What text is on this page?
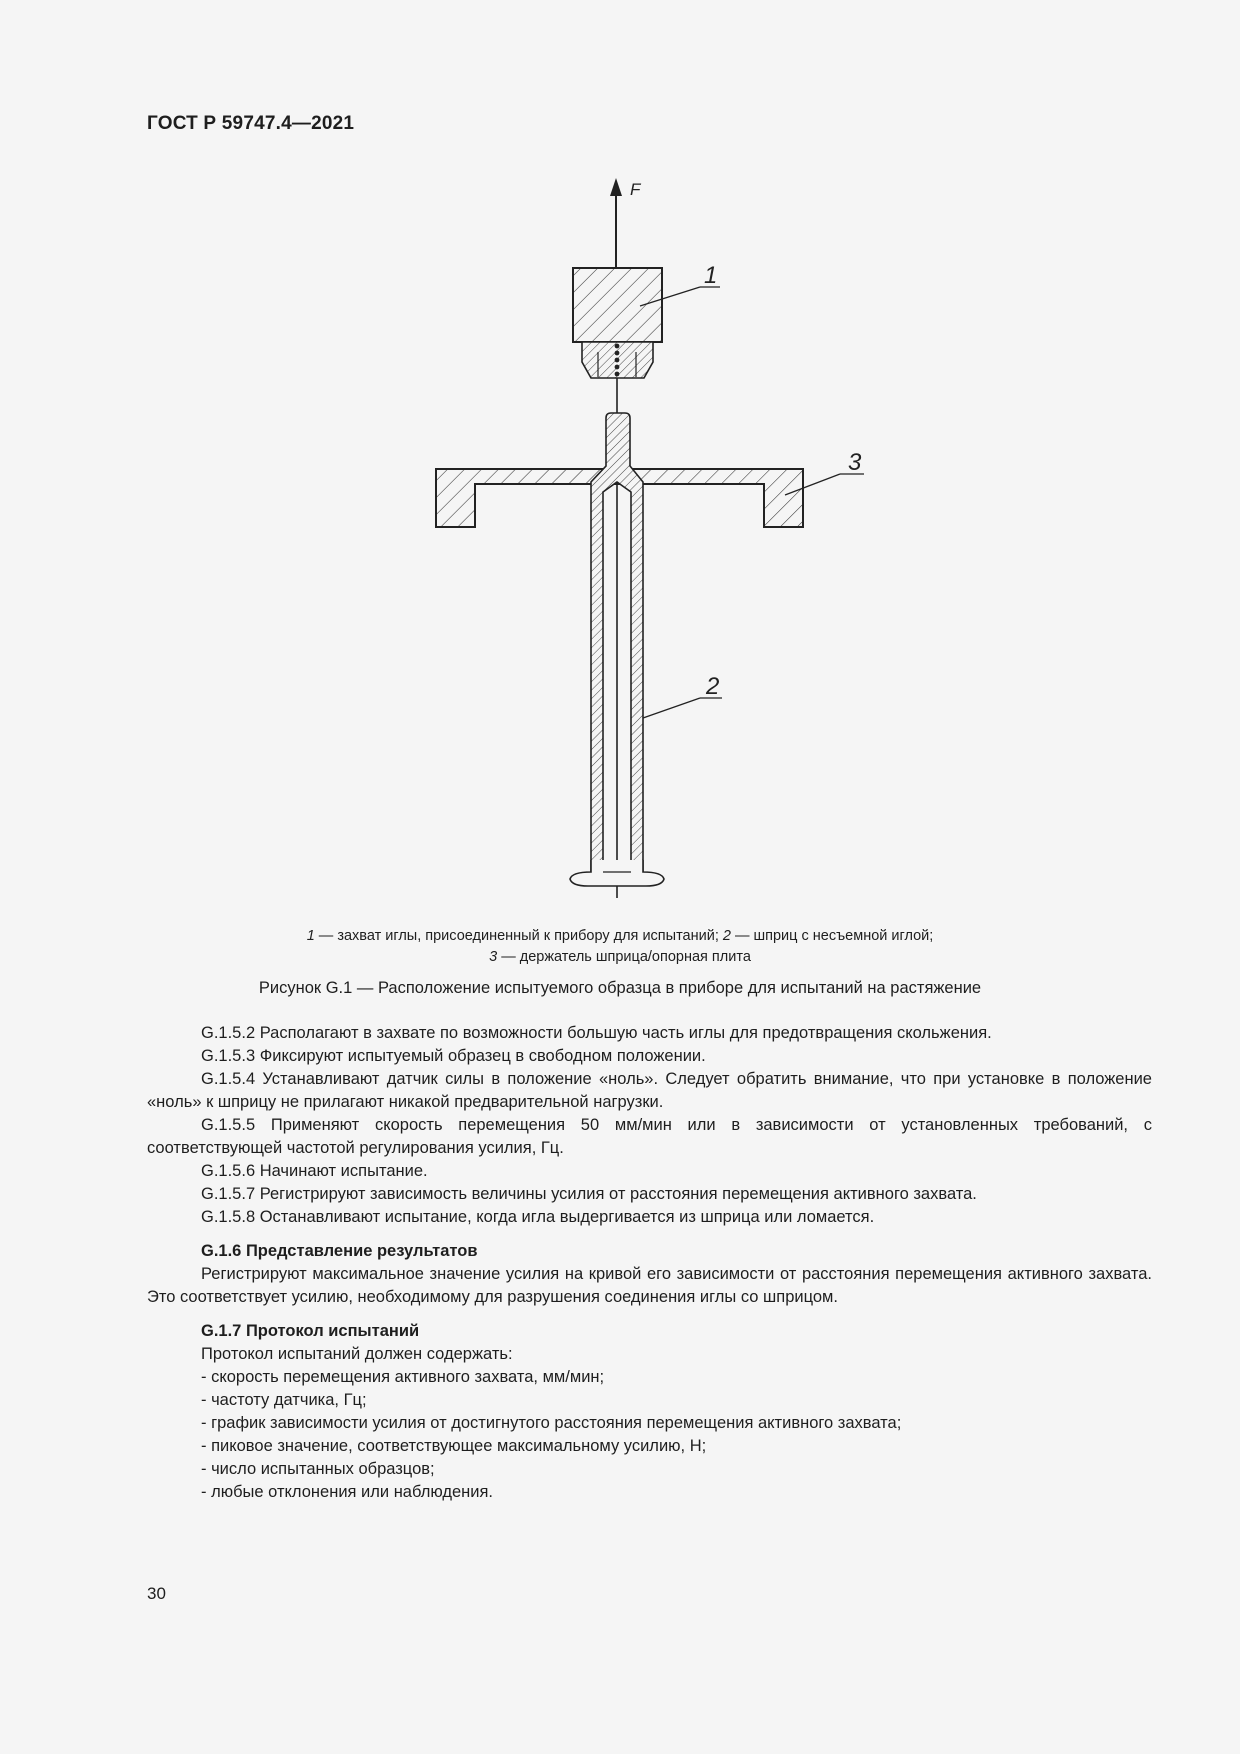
ГОСТ Р 59747.4—2021
F
1
3
2
1 — захват иглы, присоединенный к прибору для испытаний; 2 — шприц с несъемной иглой;
3 — держатель шприца/опорная плита
Рисунок G.1 — Расположение испытуемого образца в приборе для испытаний на растяжение

G.1.5.2 Располагают в захвате по возможности большую часть иглы для предотвращения скольжения.

G.1.5.3 Фиксируют испытуемый образец в свободном положении.

G.1.5.4 Устанавливают датчик силы в положение «ноль». Следует обратить внимание, что при установке в положение «ноль» к шприцу не прилагают никакой предварительной нагрузки.

G.1.5.5 Применяют скорость перемещения 50 мм/мин или в зависимости от установленных требований, с соответствующей частотой регулирования усилия, Гц.

G.1.5.6 Начинают испытание.

G.1.5.7 Регистрируют зависимость величины усилия от расстояния перемещения активного захвата.

G.1.5.8 Останавливают испытание, когда игла выдергивается из шприца или ломается.

G.1.6 Представление результатов

Регистрируют максимальное значение усилия на кривой его зависимости от расстояния перемещения активного захвата. Это соответствует усилию, необходимому для разрушения соединения иглы со шприцом.

G.1.7 Протокол испытаний

Протокол испытаний должен содержать:

- скорость перемещения активного захвата, мм/мин;

- частоту датчика, Гц;

- график зависимости усилия от достигнутого расстояния перемещения активного захвата;

- пиковое значение, соответствующее максимальному усилию, Н;

- число испытанных образцов;

- любые отклонения или наблюдения.

30
